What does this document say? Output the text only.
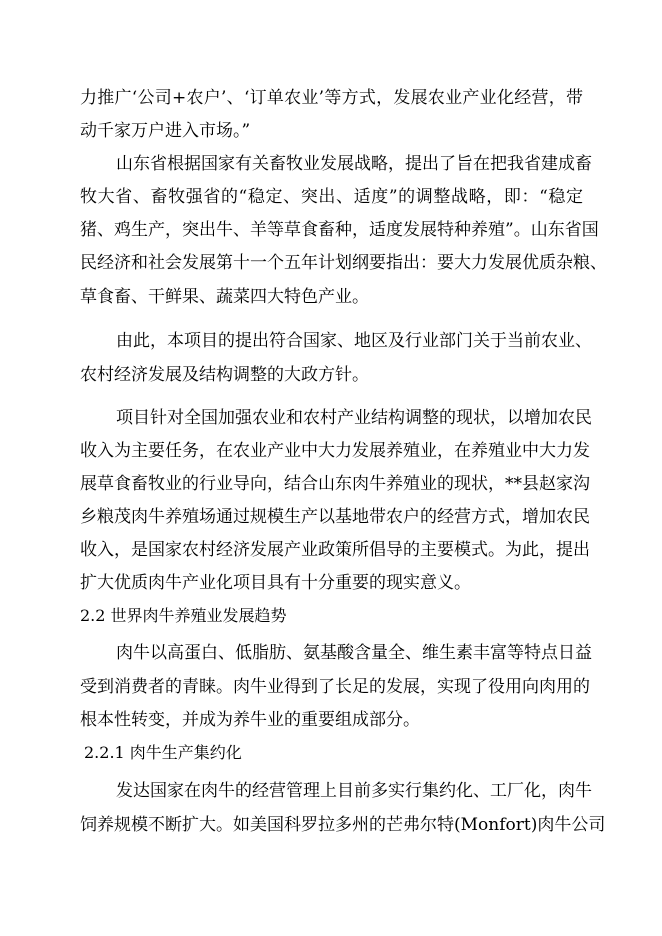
力推广‘公司+农户’、‘订单农业’等方式，发展农业产业化经营，带
动千家万户进入市场。”
山东省根据国家有关畜牧业发展战略，提出了旨在把我省建成畜
牧大省、畜牧强省的“稳定、突出、适度”的调整战略，即：“稳定
猪、鸡生产，突出牛、羊等草食畜种，适度发展特种养殖”。山东省国
民经济和社会发展第十一个五年计划纲要指出：要大力发展优质杂粮、
草食畜、干鲜果、蔬菜四大特色产业。
由此，本项目的提出符合国家、地区及行业部门关于当前农业、
农村经济发展及结构调整的大政方针。
项目针对全国加强农业和农村产业结构调整的现状，以增加农民
收入为主要任务，在农业产业中大力发展养殖业，在养殖业中大力发
展草食畜牧业的行业导向，结合山东肉牛养殖业的现状，**县赵家沟
乡粮茂肉牛养殖场通过规模生产以基地带农户的经营方式，增加农民
收入，是国家农村经济发展产业政策所倡导的主要模式。为此，提出
扩大优质肉牛产业化项目具有十分重要的现实意义。
2.2 世界肉牛养殖业发展趋势
肉牛以高蛋白、低脂肪、氨基酸含量全、维生素丰富等特点日益
受到消费者的青睐。肉牛业得到了长足的发展，实现了役用向肉用的
根本性转变，并成为养牛业的重要组成部分。
2.2.1 肉牛生产集约化
发达国家在肉牛的经营管理上目前多实行集约化、工厂化，肉牛
饲养规模不断扩大。如美国科罗拉多州的芒弗尔特(Monfort)肉牛公司
